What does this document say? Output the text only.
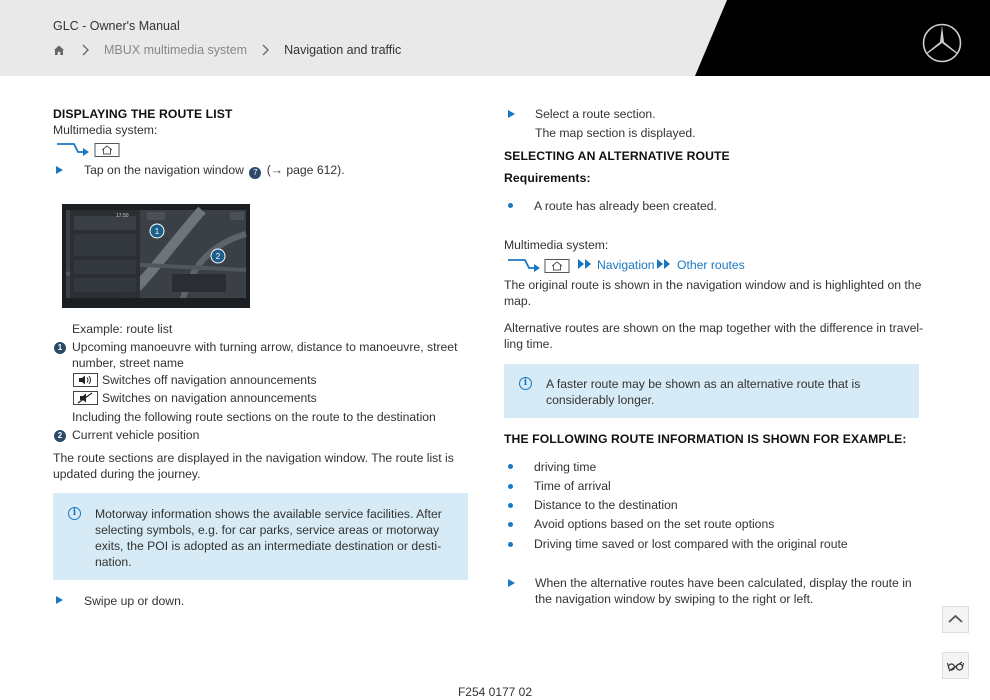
GLC - Owner's Manual
MBUX multimedia system	Navigation and traffic
DISPLAYING THE ROUTE LIST
Multimedia system:
Tap on the navigation window 7 (→ page 612).
1
2
17:50
Example: route list
1 Upcoming manoeuvre with turning arrow, distance to manoeuvre, street
number, street name
Switches off navigation announcements
Switches on navigation announcements
Including the following route sections on the route to the destination
2 Current vehicle position
The route sections are displayed in the navigation window. The route list is
updated during the journey.
i	Motorway information shows the available service facilities. After
selecting symbols, e.g. for car parks, service areas or motorway
exits, the POI is adopted as an intermediate destination or desti-
nation.
Swipe up or down.
Select a route section.
The map section is displayed.
SELECTING AN ALTERNATIVE ROUTE
Requirements:
A route has already been created.
Multimedia system:
Navigation Other routes
The original route is shown in the navigation window and is highlighted on the
map.
Alternative routes are shown on the map together with the difference in travel-
ling time.
i	A faster route may be shown as an alternative route that is
considerably longer.
THE FOLLOWING ROUTE INFORMATION IS SHOWN FOR EXAMPLE:
driving time
Time of arrival
Distance to the destination
Avoid options based on the set route options
Driving time saved or lost compared with the original route
When the alternative routes have been calculated, display the route in
the navigation window by swiping to the right or left.
F254 0177 02
